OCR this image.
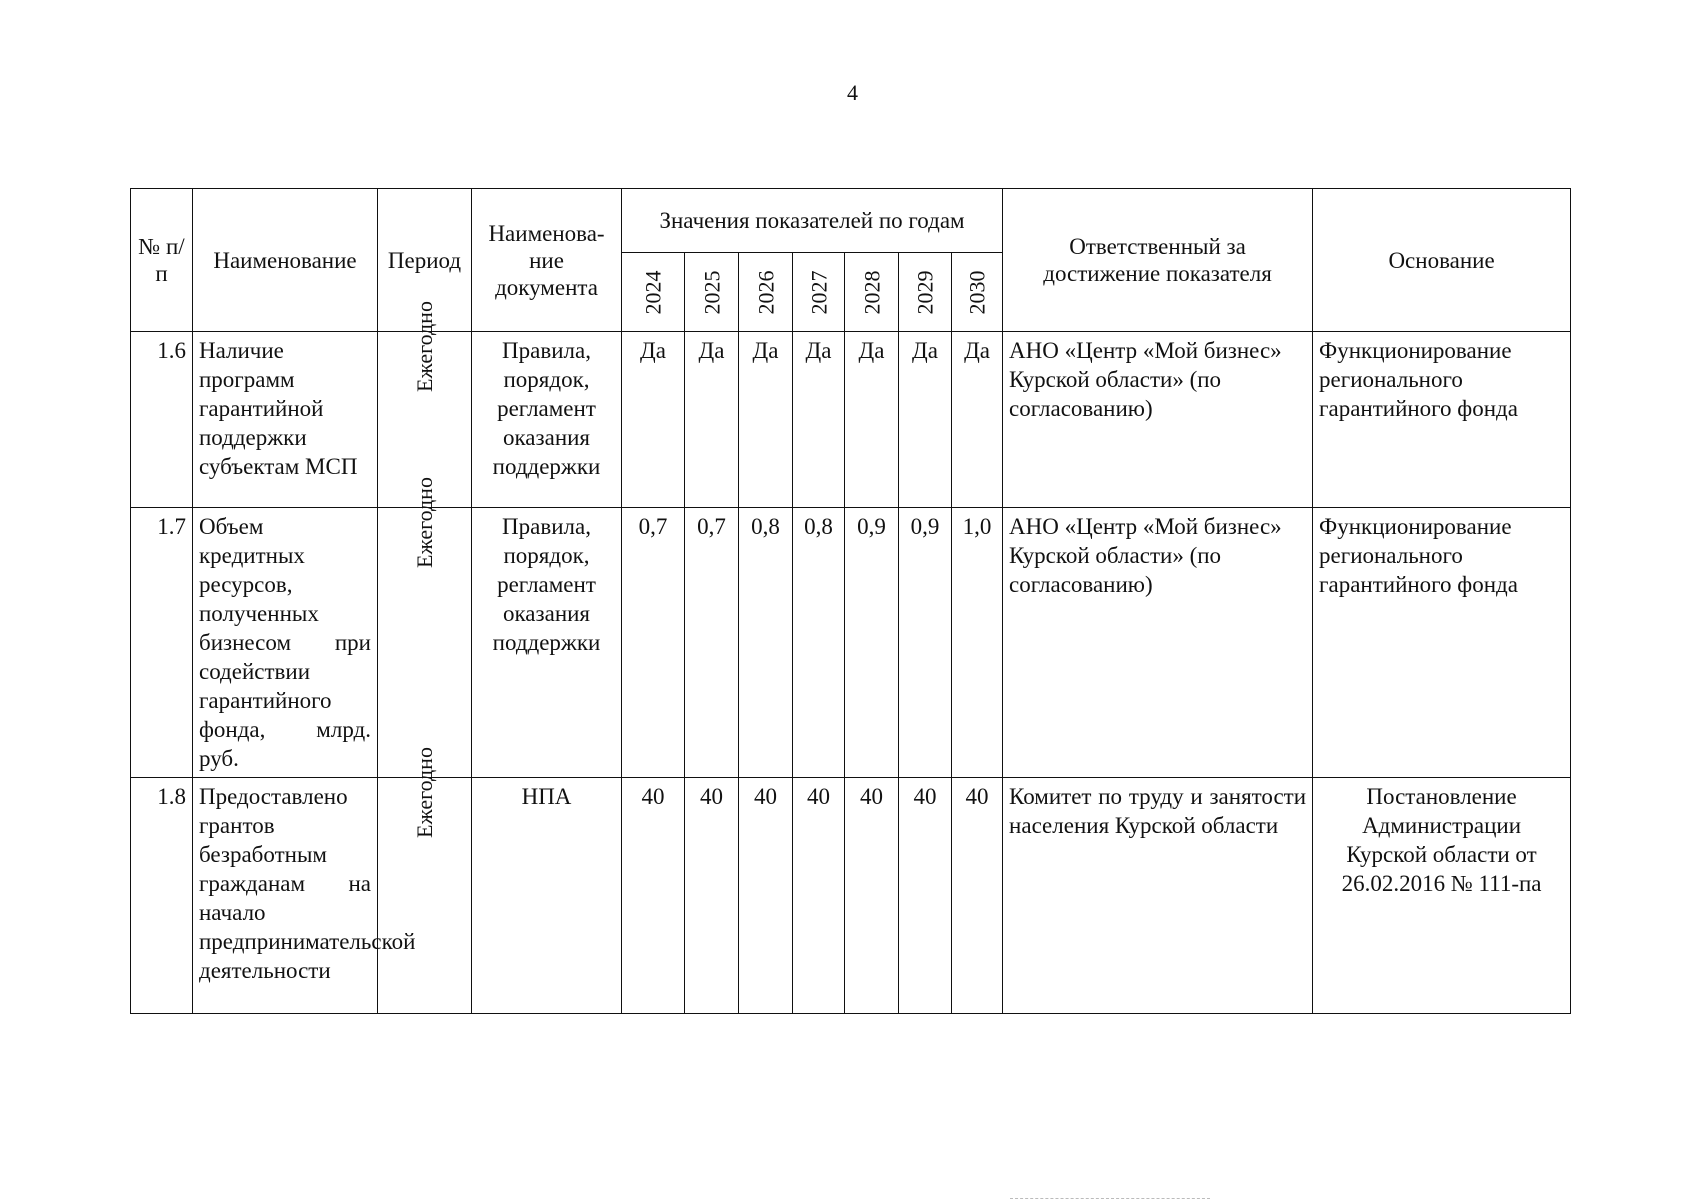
4
№ п/п	Наименование	Период	Наименова-ние документа	Значения показателей по годам							Ответственный за достижение показателя	Основание
				2024	2025	2026	2027	2028	2029	2030		
1.6	Наличие программ гарантийной поддержки субъектам МСП	Ежегодно	Правила, порядок, регламент оказания поддержки	Да	Да	Да	Да	Да	Да	Да	АНО «Центр «Мой бизнес» Курской области» (по согласованию)	Функционирование регионального гарантийного фонда
1.7	Объем кредитных ресурсов, полученных бизнесом при содействии гарантийного фонда, млрд. руб.	Ежегодно	Правила, порядок, регламент оказания поддержки	0,7	0,7	0,8	0,8	0,9	0,9	1,0	АНО «Центр «Мой бизнес» Курской области» (по согласованию)	Функционирование регионального гарантийного фонда
1.8	Предоставлено грантов безработным гражданам на начало предпринимательской деятельности	Ежегодно	НПА	40	40	40	40	40	40	40	Комитет по труду и занятости населения Курской области	Постановление Администрации Курской области от 26.02.2016 № 111-па
